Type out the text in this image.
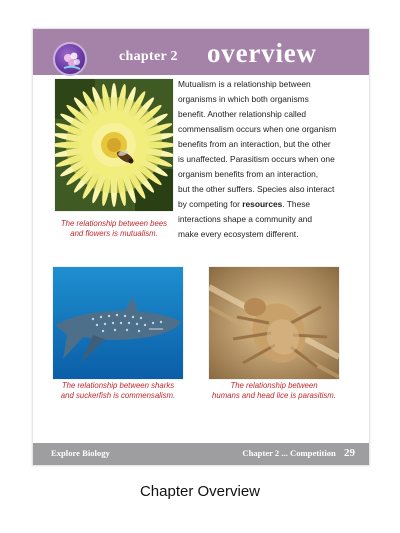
chapter 2 overview
The relationship between bees
and flowers is mutualism.
Mutualism is a relationship between
organisms in which both organisms
benefit. Another relationship called
commensalism occurs when one organism
benefits from an interaction, but the other
is unaffected. Parasitism occurs when one
organism benefits from an interaction,
but the other suffers. Species also interact
by competing for resources. These
interactions shape a community and
make every ecosystem different.
The relationship between sharks
and suckerfish is commensalism.
The relationship between
humans and head lice is parasitism.
Explore Biology	Chapter 2 ... Competition 29
Chapter Overview
